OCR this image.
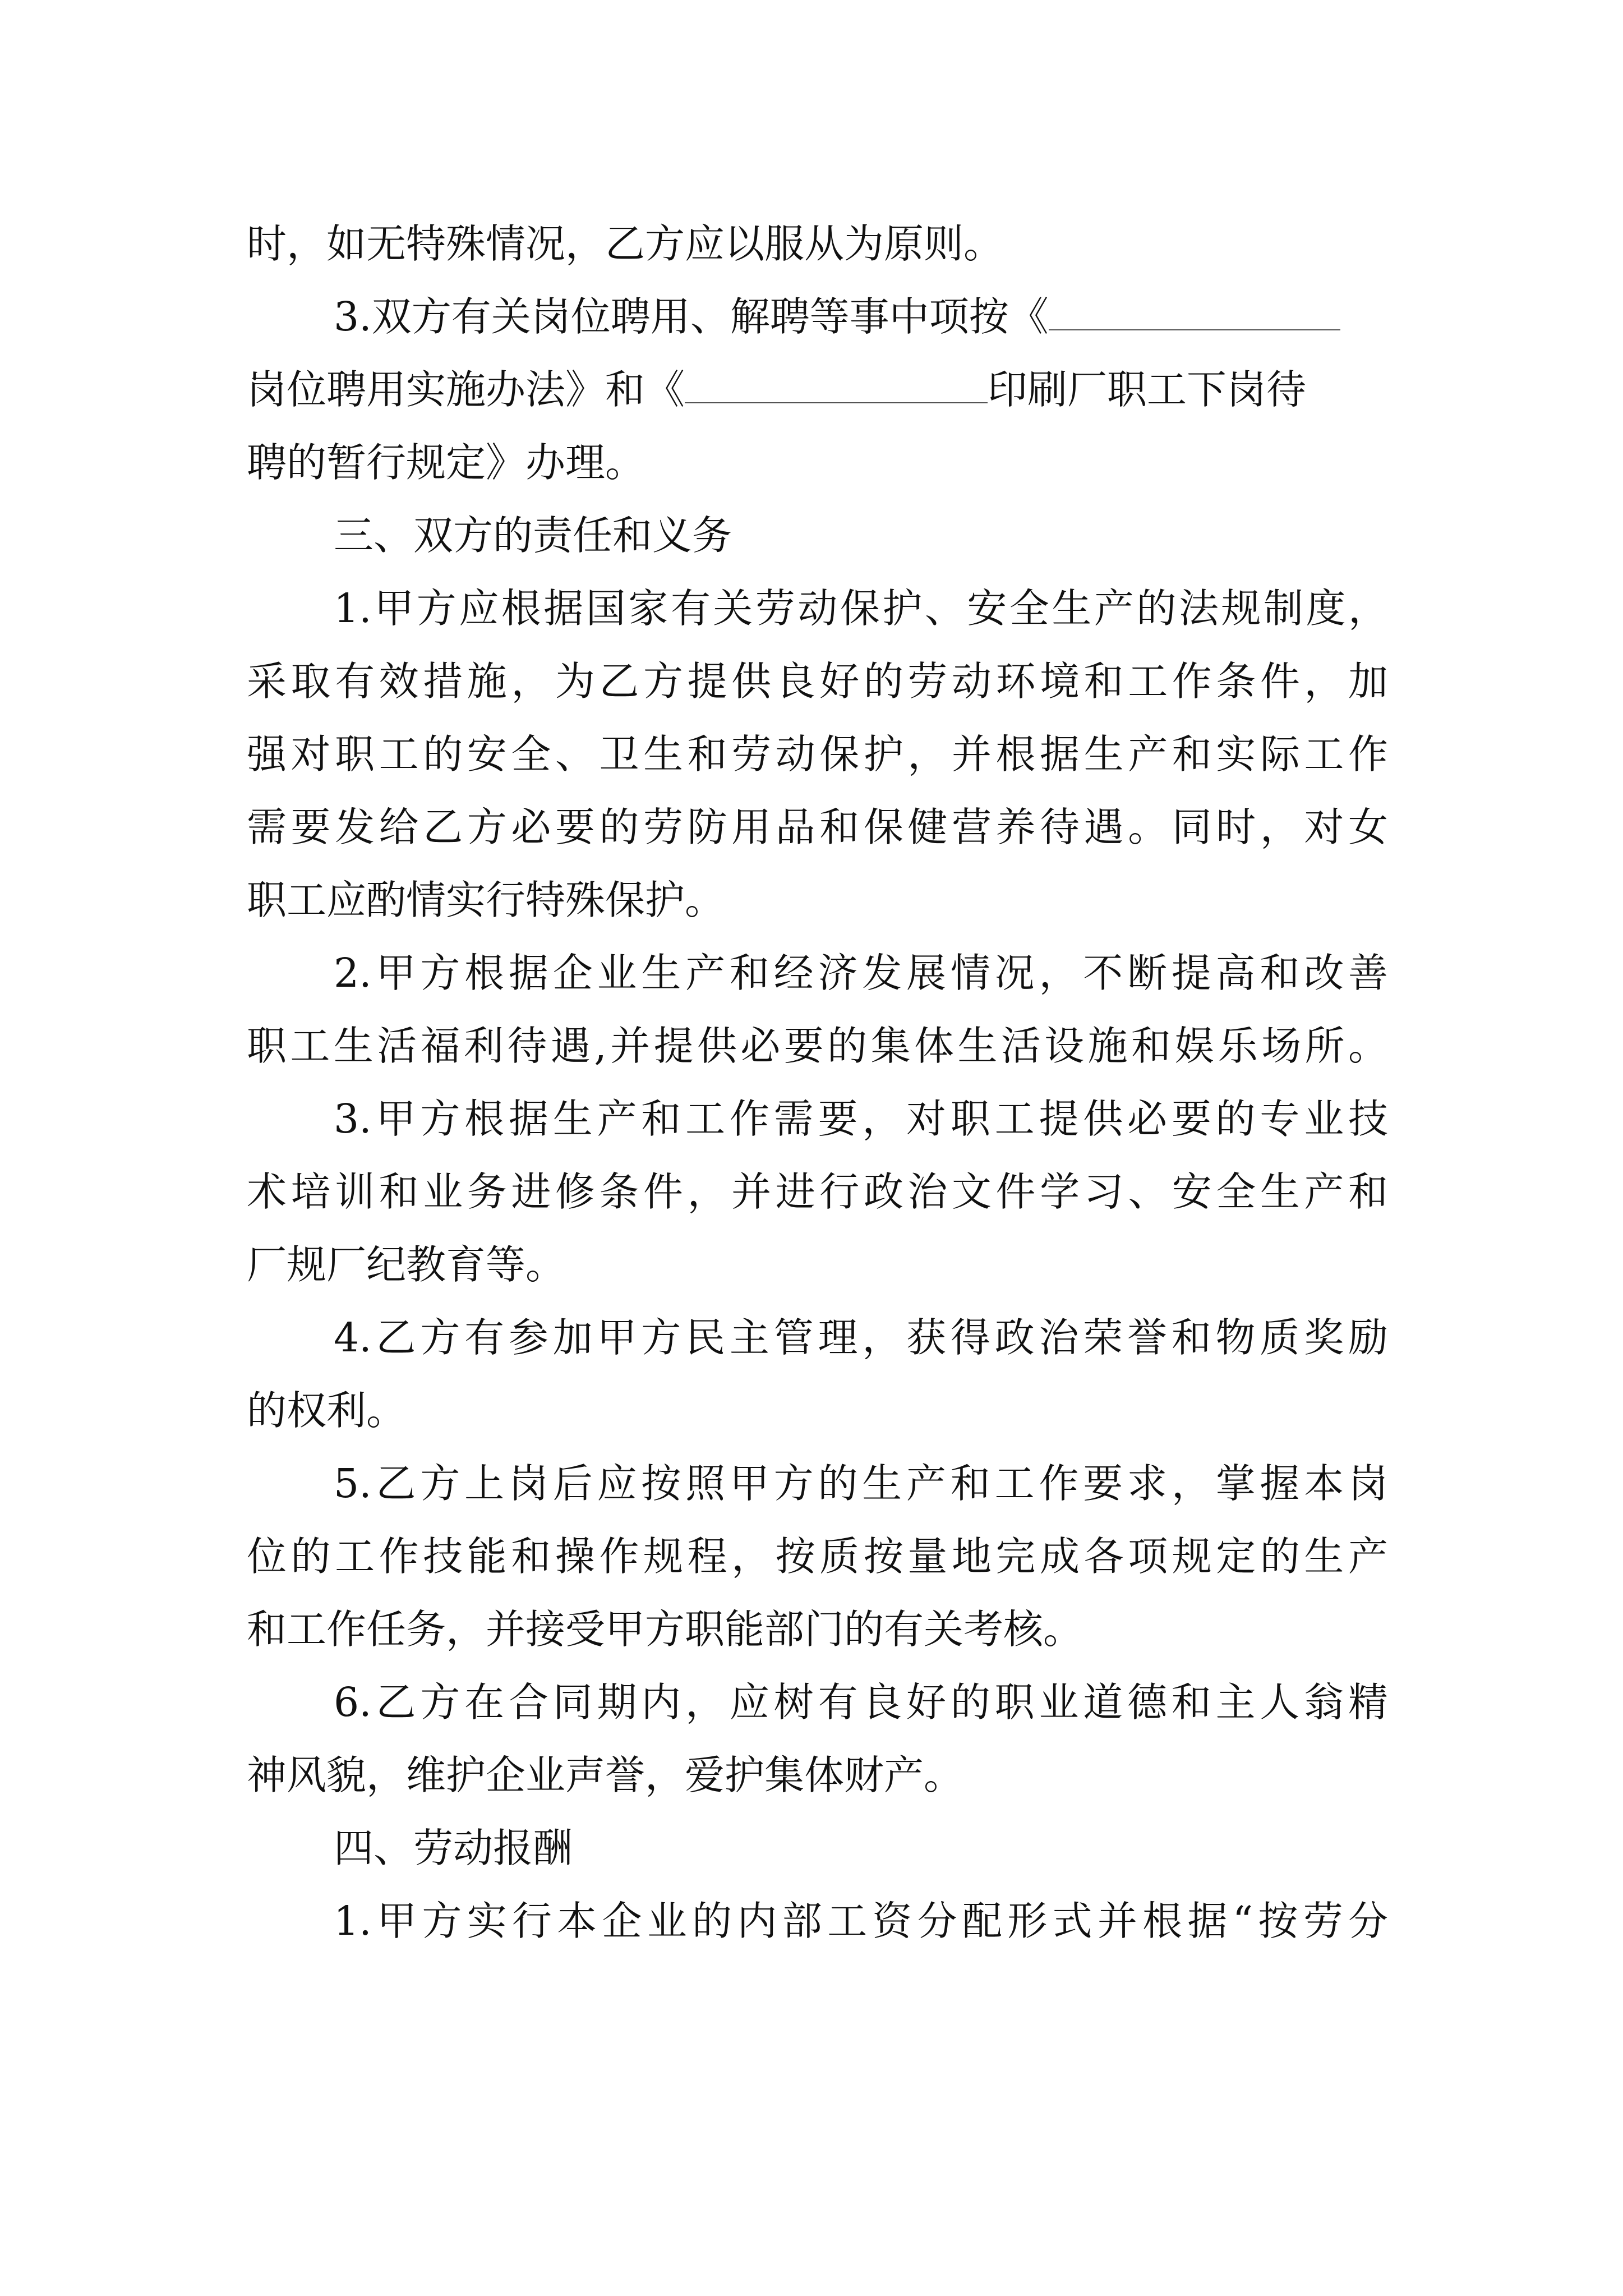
时，如无特殊情况，乙方应以服从为原则。
3.双方有关岗位聘用、解聘等事中项按《
岗位聘用实施办法》和《	印刷厂职工下岗待
聘的暂行规定》办理。
三、双方的责任和义务
1.甲方应根据国家有关劳动保护、安全生产的法规制度，
采取有效措施，为乙方提供良好的劳动环境和工作条件，加
强对职工的安全、卫生和劳动保护，并根据生产和实际工作
需要发给乙方必要的劳防用品和保健营养待遇。同时，对女
职工应酌情实行特殊保护。
2.甲方根据企业生产和经济发展情况，不断提高和改善
职工生活福利待遇,并提供必要的集体生活设施和娱乐场所。
3.甲方根据生产和工作需要，对职工提供必要的专业技
术培训和业务进修条件，并进行政治文件学习、安全生产和
厂规厂纪教育等。
4.乙方有参加甲方民主管理，获得政治荣誉和物质奖励
的权利。
5.乙方上岗后应按照甲方的生产和工作要求，掌握本岗
位的工作技能和操作规程，按质按量地完成各项规定的生产
和工作任务，并接受甲方职能部门的有关考核。
6.乙方在合同期内，应树有良好的职业道德和主人翁精
神风貌，维护企业声誉，爱护集体财产。
四、劳动报酬
1.甲方实行本企业的内部工资分配形式并根据“按劳分
